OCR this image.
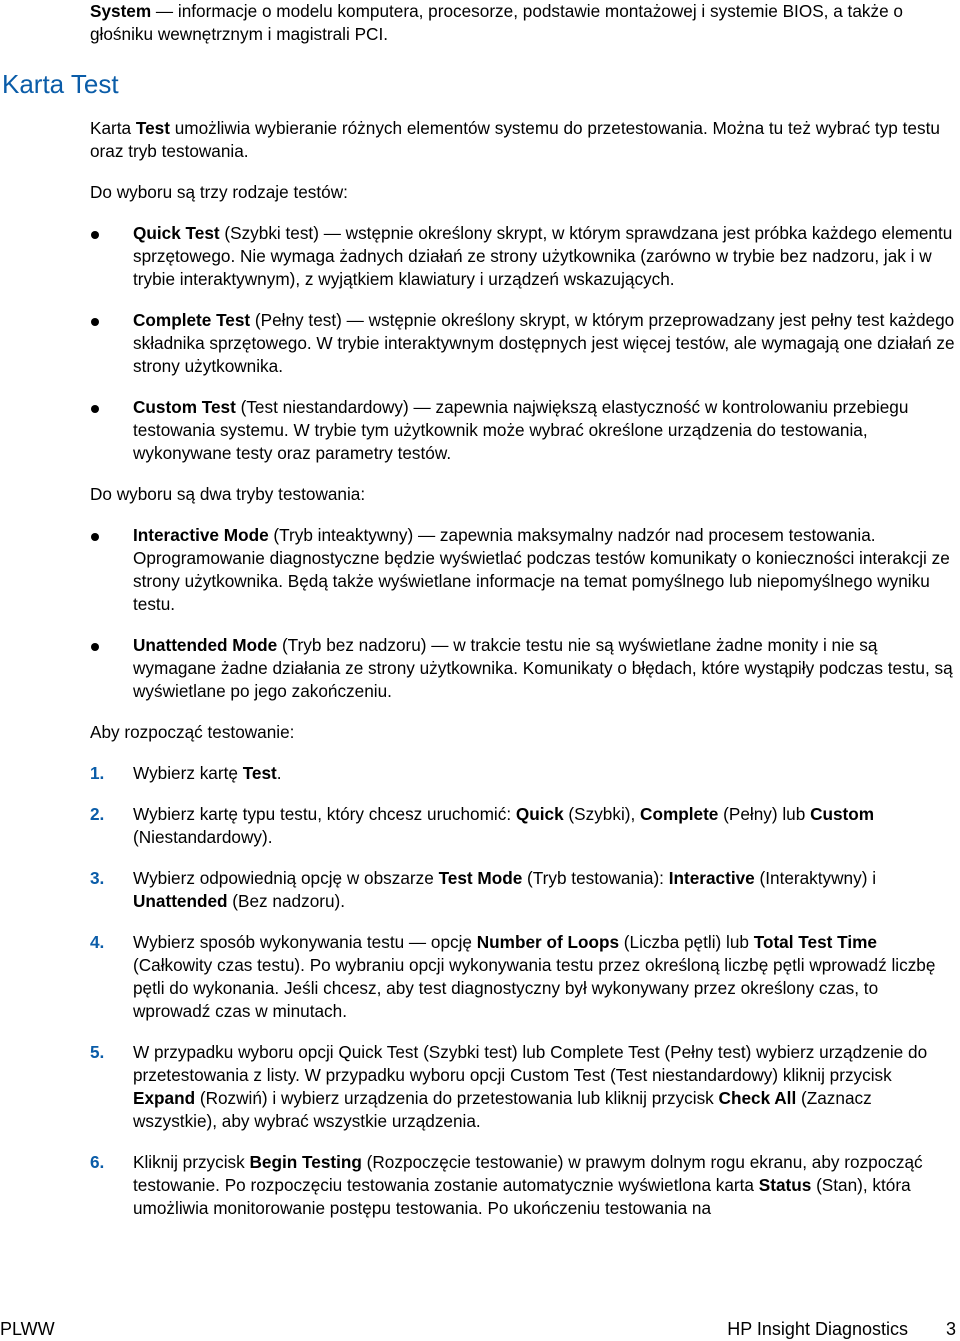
System — informacje o modelu komputera, procesorze, podstawie montażowej i systemie BIOS, a także o głośniku wewnętrznym i magistrali PCI.
Karta Test

Karta Test umożliwia wybieranie różnych elementów systemu do przetestowania. Można tu też wybrać typ testu oraz tryb testowania.

Do wyboru są trzy rodzaje testów:

Quick Test (Szybki test) — wstępnie określony skrypt, w którym sprawdzana jest próbka każdego elementu sprzętowego. Nie wymaga żadnych działań ze strony użytkownika (zarówno w trybie bez nadzoru, jak i w trybie interaktywnym), z wyjątkiem klawiatury i urządzeń wskazujących.
Complete Test (Pełny test) — wstępnie określony skrypt, w którym przeprowadzany jest pełny test każdego składnika sprzętowego. W trybie interaktywnym dostępnych jest więcej testów, ale wymagają one działań ze strony użytkownika.
Custom Test (Test niestandardowy) — zapewnia największą elastyczność w kontrolowaniu przebiegu testowania systemu. W trybie tym użytkownik może wybrać określone urządzenia do testowania, wykonywane testy oraz parametry testów.

Do wyboru są dwa tryby testowania:

Interactive Mode (Tryb inteaktywny) — zapewnia maksymalny nadzór nad procesem testowania. Oprogramowanie diagnostyczne będzie wyświetlać podczas testów komunikaty o konieczności interakcji ze strony użytkownika. Będą także wyświetlane informacje na temat pomyślnego lub niepomyślnego wyniku testu.
Unattended Mode (Tryb bez nadzoru) — w trakcie testu nie są wyświetlane żadne monity i nie są wymagane żadne działania ze strony użytkownika. Komunikaty o błędach, które wystąpiły podczas testu, są wyświetlane po jego zakończeniu.

Aby rozpocząć testowanie:

1. Wybierz kartę Test.
2. Wybierz kartę typu testu, który chcesz uruchomić: Quick (Szybki), Complete (Pełny) lub Custom (Niestandardowy).
3. Wybierz odpowiednią opcję w obszarze Test Mode (Tryb testowania): Interactive (Interaktywny) i Unattended (Bez nadzoru).
4. Wybierz sposób wykonywania testu — opcję Number of Loops (Liczba pętli) lub Total Test Time (Całkowity czas testu). Po wybraniu opcji wykonywania testu przez określoną liczbę pętli wprowadź liczbę pętli do wykonania. Jeśli chcesz, aby test diagnostyczny był wykonywany przez określony czas, to wprowadź czas w minutach.
5. W przypadku wyboru opcji Quick Test (Szybki test) lub Complete Test (Pełny test) wybierz urządzenie do przetestowania z listy. W przypadku wyboru opcji Custom Test (Test niestandardowy) kliknij przycisk Expand (Rozwiń) i wybierz urządzenia do przetestowania lub kliknij przycisk Check All (Zaznacz wszystkie), aby wybrać wszystkie urządzenia.
6. Kliknij przycisk Begin Testing (Rozpoczęcie testowanie) w prawym dolnym rogu ekranu, aby rozpocząć testowanie. Po rozpoczęciu testowania zostanie automatycznie wyświetlona karta Status (Stan), która umożliwia monitorowanie postępu testowania. Po ukończeniu testowania na
PLWW	HP Insight Diagnostics 3
